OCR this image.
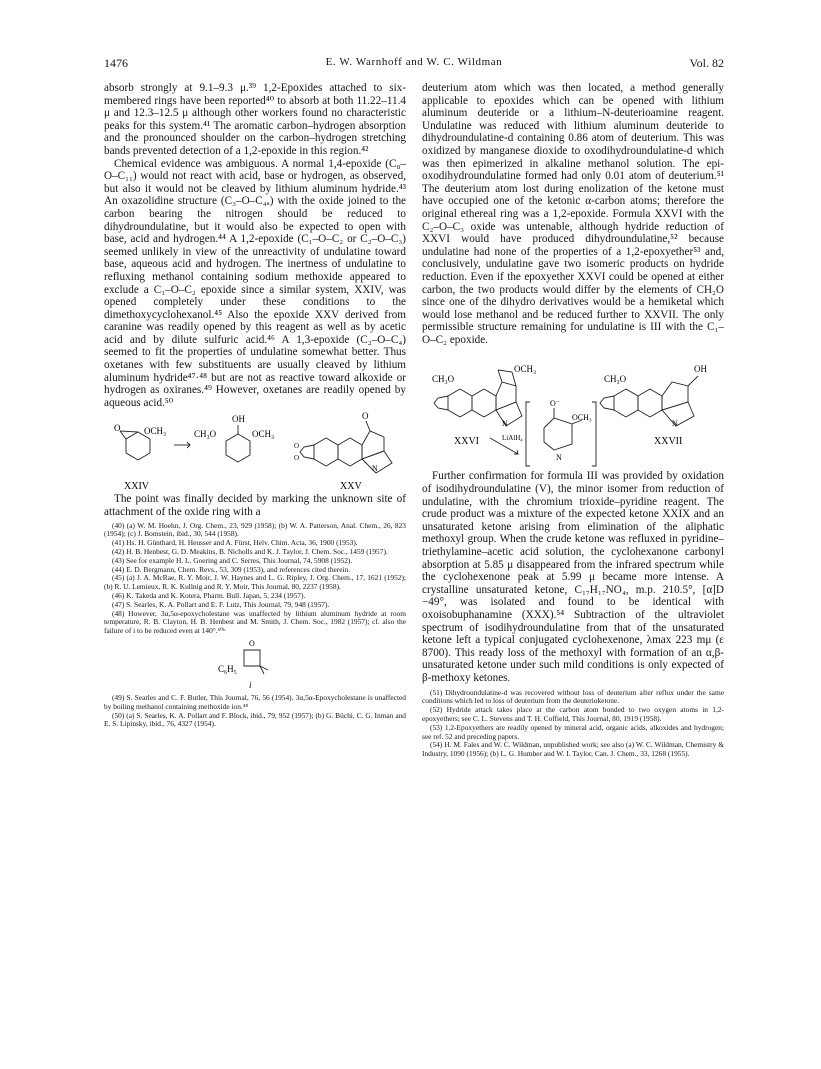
1476	E. W. Warnhoff and W. C. Wildman	Vol. 82

absorb strongly at 9.1–9.3 μ.³⁹ 1,2-Epoxides attached to six-membered rings have been reported⁴⁰ to absorb at both 11.22–11.4 μ and 12.3–12.5 μ although other workers found no characteristic peaks for this system.⁴¹ The aromatic carbon–hydrogen absorption and the pronounced shoulder on the carbon–hydrogen stretching bands prevented detection of a 1,2-epoxide in this region.⁴²

Chemical evidence was ambiguous. A normal 1,4-epoxide (C₈–O–C₁₁) would not react with acid, base or hydrogen, as observed, but also it would not be cleaved by lithium aluminum hydride.⁴³ An oxazolidine structure (C₃–O–C₄ₐ) with the oxide joined to the carbon bearing the nitrogen should be reduced to dihydroundulatine, but it would also be expected to open with base, acid and hydrogen.⁴⁴ A 1,2-epoxide (C₁–O–C₂ or C₂–O–C₃) seemed unlikely in view of the unreactivity of undulatine toward base, aqueous acid and hydrogen. The inertness of undulatine to refluxing methanol containing sodium methoxide appeared to exclude a C₁–O–C₂ epoxide since a similar system, XXIV, was opened completely under these conditions to the dimethoxycyclohexanol.⁴⁵ Also the epoxide XXV derived from caranine was readily opened by this reagent as well as by acetic acid and by dilute sulfuric acid.⁴⁶ A 1,3-epoxide (C₂–O–C₄) seemed to fit the properties of undulatine somewhat better. Thus oxetanes with few substituents are usually cleaved by lithium aluminum hydride⁴⁷·⁴⁸ but are not as reactive toward alkoxide or hydrogen as oxiranes.⁴⁹ However, oxetanes are readily opened by aqueous acid.⁵⁰

O	OCH₃	CH₃O
OH
OCH₃
O
N
O
O
XXIV	XXV

The point was finally decided by marking the unknown site of attachment of the oxide ring with a

(40) (a) W. M. Hoehn, J. Org. Chem., 23, 929 (1958); (b) W. A. Patterson, Anal. Chem., 26, 823 (1954); (c) J. Bomstein, ibid., 30, 544 (1958).

(41) Hs. H. Günthard, H. Heusser and A. Fürst, Helv. Chim. Acta, 36, 1900 (1953).

(42) H. B. Henbest, G. D. Meakins, B. Nicholls and K. J. Taylor, J. Chem. Soc., 1459 (1957).

(43) See for example H. L. Goering and C. Serres, This Journal, 74, 5908 (1952).

(44) E. D. Bergmann, Chem. Revs., 53, 309 (1953), and references cited therein.

(45) (a) J. A. McRae, R. Y. Moir, J. W. Haynes and L. G. Ripley, J. Org. Chem., 17, 1621 (1952); (b) R. U. Lemieux, R. K. Kullnig and R. Y. Moir, This Journal, 80, 2237 (1958).

(46) K. Takeda and K. Kotera, Pharm. Bull. Japan, 5, 234 (1957).

(47) S. Searles, K. A. Pollart and E. F. Lutz, This Journal, 79, 948 (1957).

(48) However, 3α,5α-epoxycholestane was unaffected by lithium aluminum hydride at room temperature, R. B. Clayton, H. B. Henbest and M. Smith, J. Chem. Soc., 1982 (1957); cf. also the failure of i to be reduced even at 140°.⁵⁰ᵇ

O
C₆H₅
i

(49) S. Searles and C. F. Butler, This Journal, 76, 56 (1954). 3α,5α-Epoxycholestane is unaffected by boiling methanol containing methoxide ion.⁴⁸

(50) (a) S. Searles, K. A. Pollart and F. Block, ibid., 79, 952 (1957); (b) G. Büchi, C. G. Inman and E. S. Lipinsky, ibid., 76, 4327 (1954).

deuterium atom which was then located, a method generally applicable to epoxides which can be opened with lithium aluminum deuteride or a lithium–N-deuterioamine reagent. Undulatine was reduced with lithium aluminum deuteride to dihydroundulatine-d containing 0.86 atom of deuterium. This was oxidized by manganese dioxide to oxodihydroundulatine-d which was then epimerized in alkaline methanol solution. The epi-oxodihydroundulatine formed had only 0.01 atom of deuterium.⁵¹ The deuterium atom lost during enolization of the ketone must have occupied one of the ketonic α-carbon atoms; therefore the original ethereal ring was a 1,2-epoxide. Formula XXVI with the C₂–O–C₃ oxide was untenable, although hydride reduction of XXVI would have produced dihydroundulatine,⁵² because undulatine had none of the properties of a 1,2-epoxyether⁵³ and, conclusively, undulatine gave two isomeric products on hydride reduction. Even if the epoxyether XXVI could be opened at either carbon, the two products would differ by the elements of CH₂O since one of the dihydro derivatives would be a hemiketal which would lose methanol and be reduced further to XXVII. The only permissible structure remaining for undulatine is III with the C₁–O–C₂ epoxide.

OCH₃
CH₃O
N
XXVI	LiAlH₄
O⁻
OCH₃
N
OH
CH₃O
N
XXVII

Further confirmation for formula III was provided by oxidation of isodihydroundulatine (V), the minor isomer from reduction of undulatine, with the chromium trioxide–pyridine reagent. The crude product was a mixture of the expected ketone XXIX and an unsaturated ketone arising from elimination of the aliphatic methoxyl group. When the crude ketone was refluxed in pyridine–triethylamine–acetic acid solution, the cyclohexanone carbonyl absorption at 5.85 μ disappeared from the infrared spectrum while the cyclohexenone peak at 5.99 μ became more intense. A crystalline unsaturated ketone, C₁₇H₁₇NO₄, m.p. 210.5°, [α]D −49°, was isolated and found to be identical with oxoisobuphanamine (XXX).⁵⁴ Subtraction of the ultraviolet spectrum of isodihydroundulatine from that of the unsaturated ketone left a typical conjugated cyclohexenone, λmax 223 mμ (ε 8700). This ready loss of the methoxyl with formation of an α,β-unsaturated ketone under such mild conditions is only expected of β-methoxy ketones.

(51) Dihydroundulatine-d was recovered without loss of deuterium after reflux under the same conditions which led to loss of deuterium from the deuterioketone.

(52) Hydride attack takes place at the carbon atom bonded to two oxygen atoms in 1,2-epoxyethers; see C. L. Stevens and T. H. Coffield, This Journal, 80, 1919 (1958).

(53) 1,2-Epoxyethers are readily opened by mineral acid, organic acids, alkoxides and hydrogen; see ref. 52 and preceding papers.

(54) H. M. Fales and W. C. Wildman, unpublished work; see also (a) W. C. Wildman, Chemistry & Industry, 1090 (1956); (b) L. G. Humber and W. I. Taylor, Can. J. Chem., 33, 1268 (1955).
